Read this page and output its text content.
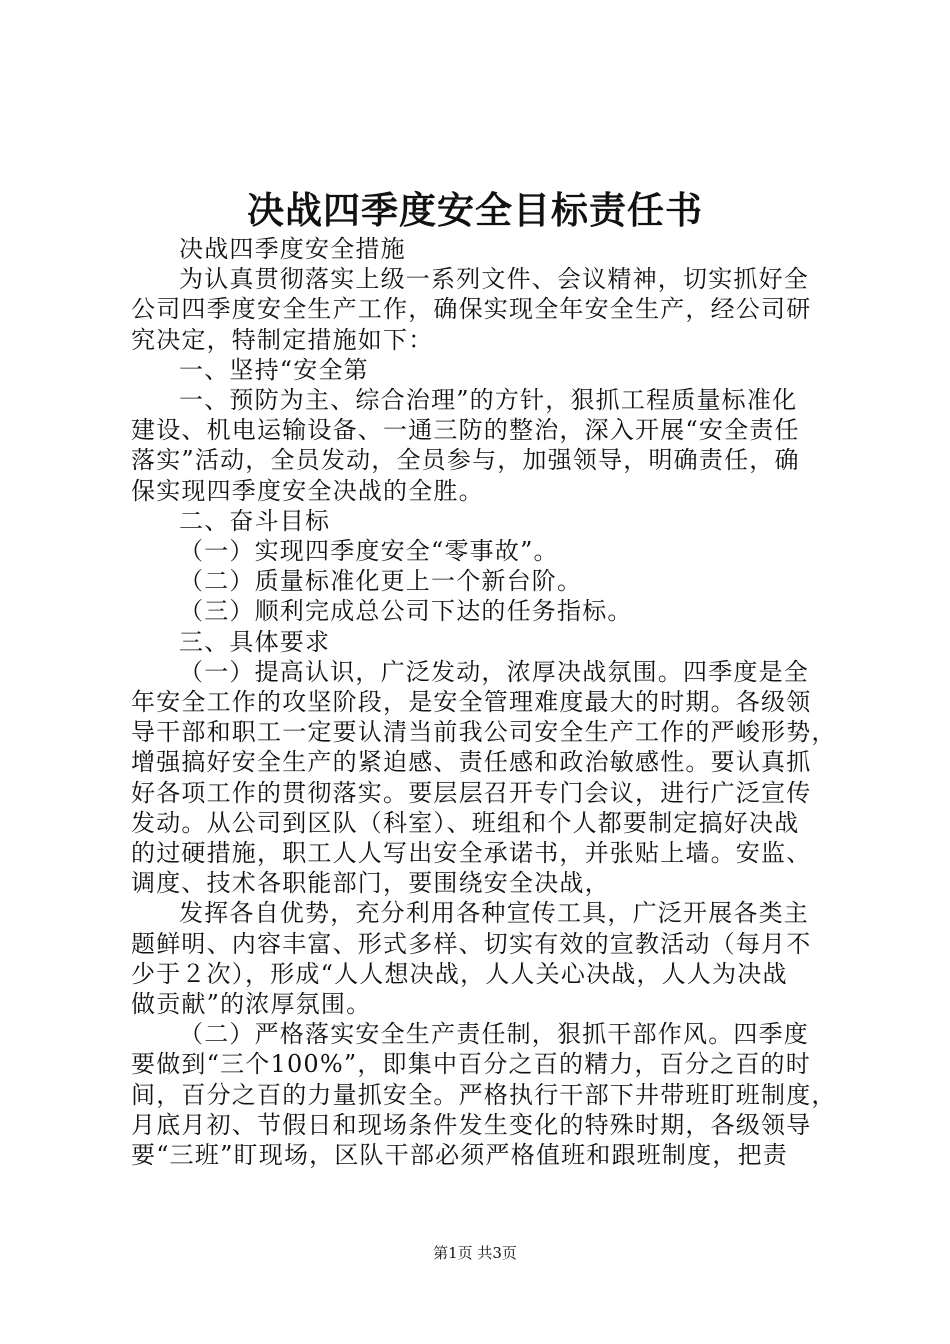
决战四季度安全目标责任书

决战四季度安全措施

为认真贯彻落实上级一系列文件、会议精神，切实抓好全

公司四季度安全生产工作，确保实现全年安全生产，经公司研

究决定，特制定措施如下：

一、坚持“安全第

一、预防为主、综合治理”的方针，狠抓工程质量标准化

建设、机电运输设备、一通三防的整治，深入开展“安全责任

落实”活动，全员发动，全员参与，加强领导，明确责任，确

保实现四季度安全决战的全胜。

二、奋斗目标

（一）实现四季度安全“零事故”。

（二）质量标准化更上一个新台阶。

（三）顺利完成总公司下达的任务指标。

三、具体要求

（一）提高认识，广泛发动，浓厚决战氛围。四季度是全

年安全工作的攻坚阶段，是安全管理难度最大的时期。各级领

导干部和职工一定要认清当前我公司安全生产工作的严峻形势，

增强搞好安全生产的紧迫感、责任感和政治敏感性。要认真抓

好各项工作的贯彻落实。要层层召开专门会议，进行广泛宣传

发动。从公司到区队（科室）、班组和个人都要制定搞好决战

的过硬措施，职工人人写出安全承诺书，并张贴上墙。安监、

调度、技术各职能部门，要围绕安全决战，

发挥各自优势，充分利用各种宣传工具，广泛开展各类主

题鲜明、内容丰富、形式多样、切实有效的宣教活动（每月不

少于２次），形成“人人想决战，人人关心决战，人人为决战

做贡献”的浓厚氛围。

（二）严格落实安全生产责任制，狠抓干部作风。四季度

要做到“三个100%”，即集中百分之百的精力，百分之百的时

间，百分之百的力量抓安全。严格执行干部下井带班盯班制度，

月底月初、节假日和现场条件发生变化的特殊时期，各级领导

要“三班”盯现场，区队干部必须严格值班和跟班制度，把责

第1页 共3页
